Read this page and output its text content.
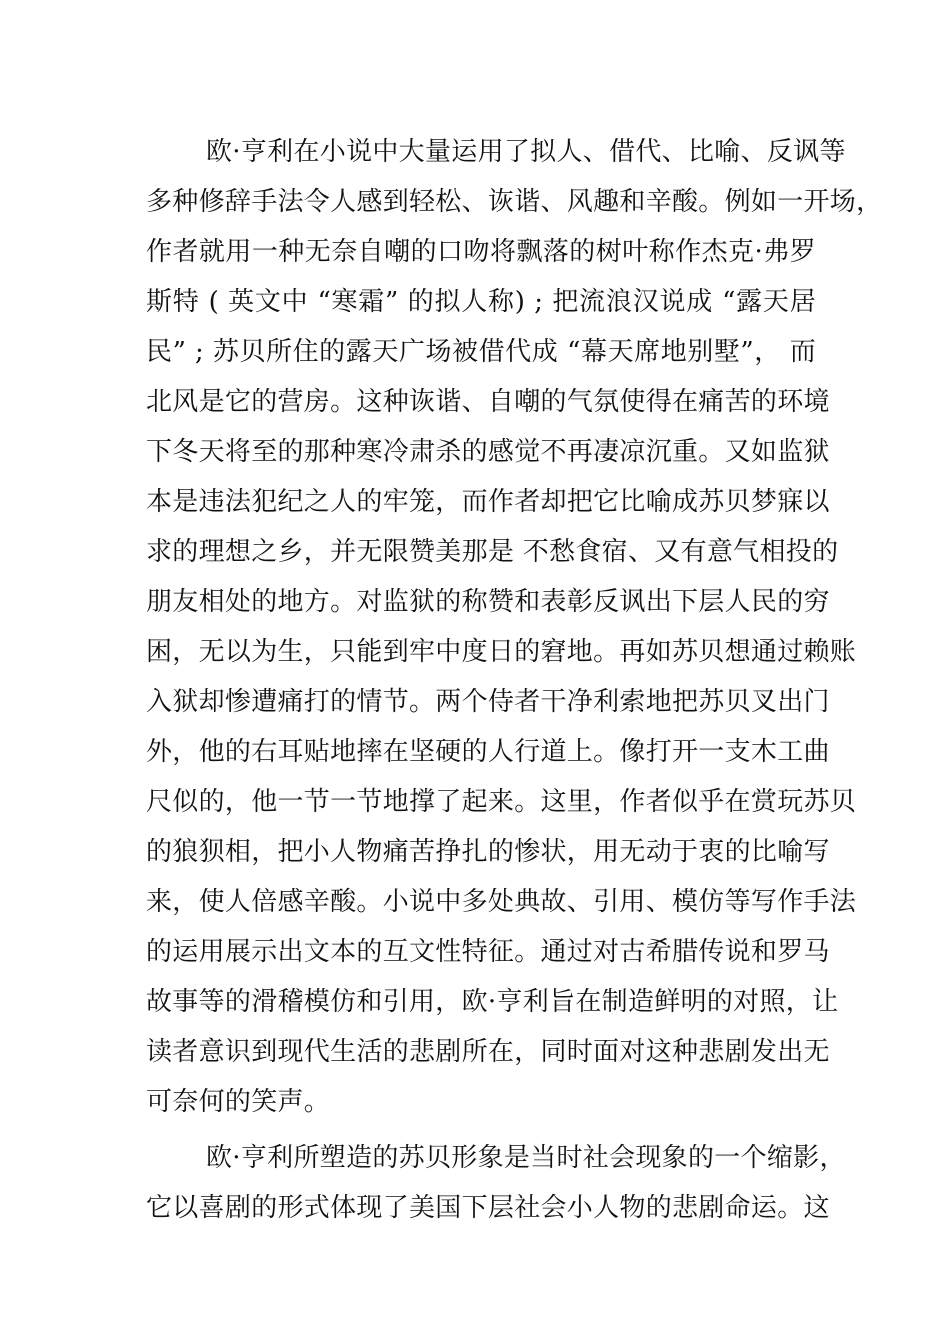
欧·亨利在小说中大量运用了拟人、借代、比喻、反讽等
多种修辞手法令人感到轻松、诙谐、风趣和辛酸。例如一开场，
作者就用一种无奈自嘲的口吻将飘落的树叶称作杰克·弗罗
斯特 ( 英文中 “寒霜” 的拟人称) ; 把流浪汉说成 “露天居
民” ; 苏贝所住的露天广场被借代成 “幕天席地别墅”， 而
北风是它的营房。这种诙谐、自嘲的气氛使得在痛苦的环境
下冬天将至的那种寒冷肃杀的感觉不再凄凉沉重。又如监狱
本是违法犯纪之人的牢笼，而作者却把它比喻成苏贝梦寐以
求的理想之乡，并无限赞美那是 不愁食宿、又有意气相投的
朋友相处的地方。对监狱的称赞和表彰反讽出下层人民的穷
困，无以为生，只能到牢中度日的窘地。再如苏贝想通过赖账
入狱却惨遭痛打的情节。两个侍者干净利索地把苏贝叉出门
外，他的右耳贴地摔在坚硬的人行道上。像打开一支木工曲
尺似的，他一节一节地撑了起来。这里，作者似乎在赏玩苏贝
的狼狈相，把小人物痛苦挣扎的惨状，用无动于衷的比喻写
来，使人倍感辛酸。小说中多处典故、引用、模仿等写作手法
的运用展示出文本的互文性特征。通过对古希腊传说和罗马
故事等的滑稽模仿和引用，欧·亨利旨在制造鲜明的对照，让
读者意识到现代生活的悲剧所在，同时面对这种悲剧发出无
可奈何的笑声。
欧·亨利所塑造的苏贝形象是当时社会现象的一个缩影，
它以喜剧的形式体现了美国下层社会小人物的悲剧命运。这
